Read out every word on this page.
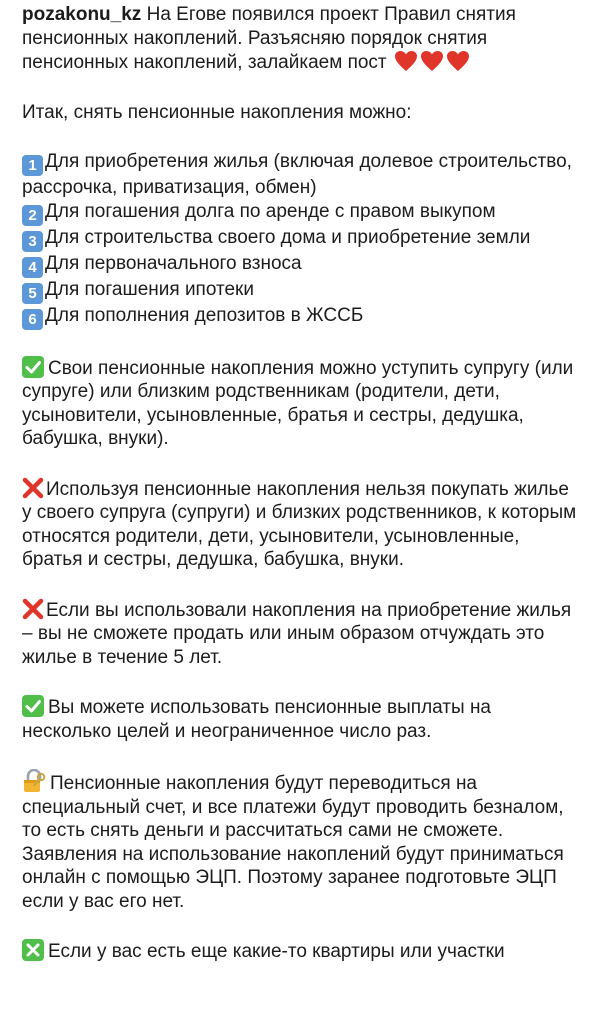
pozakonu_kz На Егове появился проект Правил снятия пенсионных накоплений. Разъясняю порядок снятия пенсионных накоплений, залайкаем пост

Итак, снять пенсионные накопления можно:

1 Для приобретения жилья (включая долевое строительство, рассрочка, приватизация, обмен)
2 Для погашения долга по аренде с правом выкупом
3 Для строительства своего дома и приобретение земли
4 Для первоначального взноса
5 Для погашения ипотеки
6 Для пополнения депозитов в ЖССБ

Свои пенсионные накопления можно уступить супругу (или супруге) или близким родственникам (родители, дети, усыновители, усыновленные, братья и сестры, дедушка, бабушка, внуки).

Используя пенсионные накопления нельзя покупать жилье у своего супруга (супруги) и близких родственников, к которым относятся родители, дети, усыновители, усыновленные, братья и сестры, дедушка, бабушка, внуки.

Если вы использовали накопления на приобретение жилья – вы не сможете продать или иным образом отчуждать это жилье в течение 5 лет.

Вы можете использовать пенсионные выплаты на несколько целей и неограниченное число раз.

Пенсионные накопления будут переводиться на специальный счет, и все платежи будут проводить безналом, то есть снять деньги и рассчитаться сами не сможете. Заявления на использование накоплений будут приниматься онлайн с помощью ЭЦП. Поэтому заранее подготовьте ЭЦП если у вас его нет.

Если у вас есть еще какие-то квартиры или участки
